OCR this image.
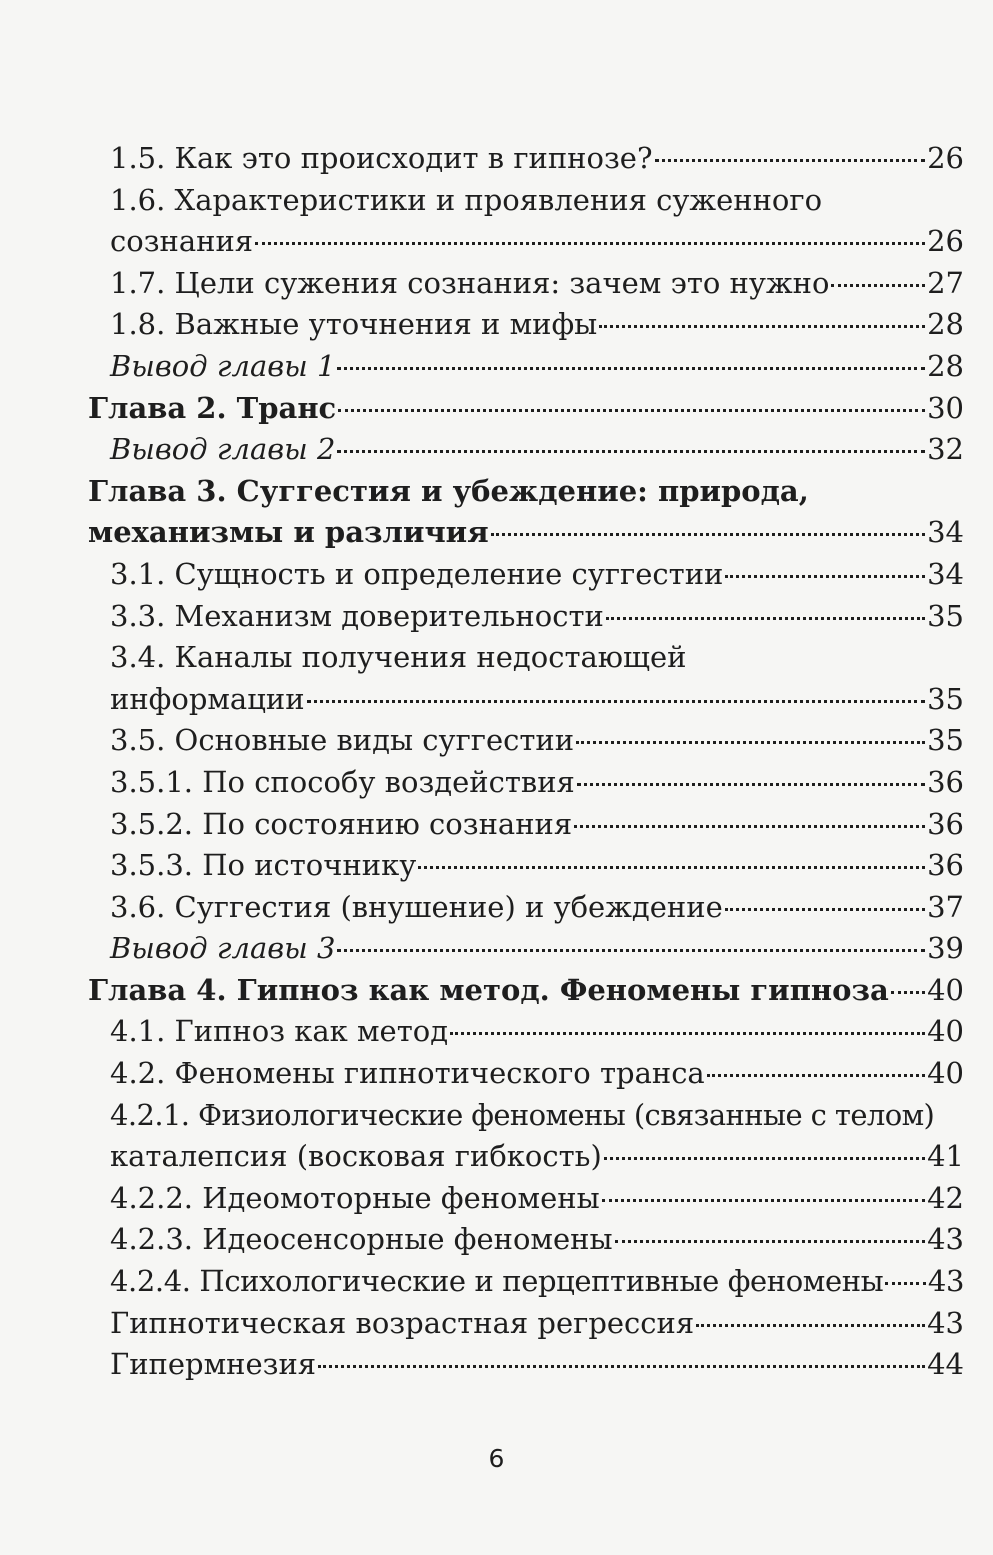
1.5. Как это происходит в гипнозе?	26
1.6. Характеристики и проявления суженного
сознания	26
1.7. Цели сужения сознания: зачем это нужно	27
1.8. Важные уточнения и мифы	28
Вывод главы 1	28
Глава 2. Транс	30
Вывод главы 2	32
Глава 3. Суггестия и убеждение: природа,
механизмы и различия	34
3.1. Сущность и определение суггестии	34
3.3. Механизм доверительности	35
3.4. Каналы получения недостающей
информации	35
3.5. Основные виды суггестии	35
3.5.1. По способу воздействия	36
3.5.2. По состоянию сознания	36
3.5.3. По источнику	36
3.6. Суггестия (внушение) и убеждение	37
Вывод главы 3	39
Глава 4. Гипноз как метод. Феномены гипноза 40
4.1. Гипноз как метод	40
4.2. Феномены гипнотического транса	40
4.2.1. Физиологические феномены (связанные с телом)
каталепсия (восковая гибкость)	41
4.2.2. Идеомоторные феномены	42
4.2.3. Идеосенсорные феномены	43
4.2.4. Психологические и перцептивные феномены 43
Гипнотическая возрастная регрессия	43
Гипермнезия	44
6
